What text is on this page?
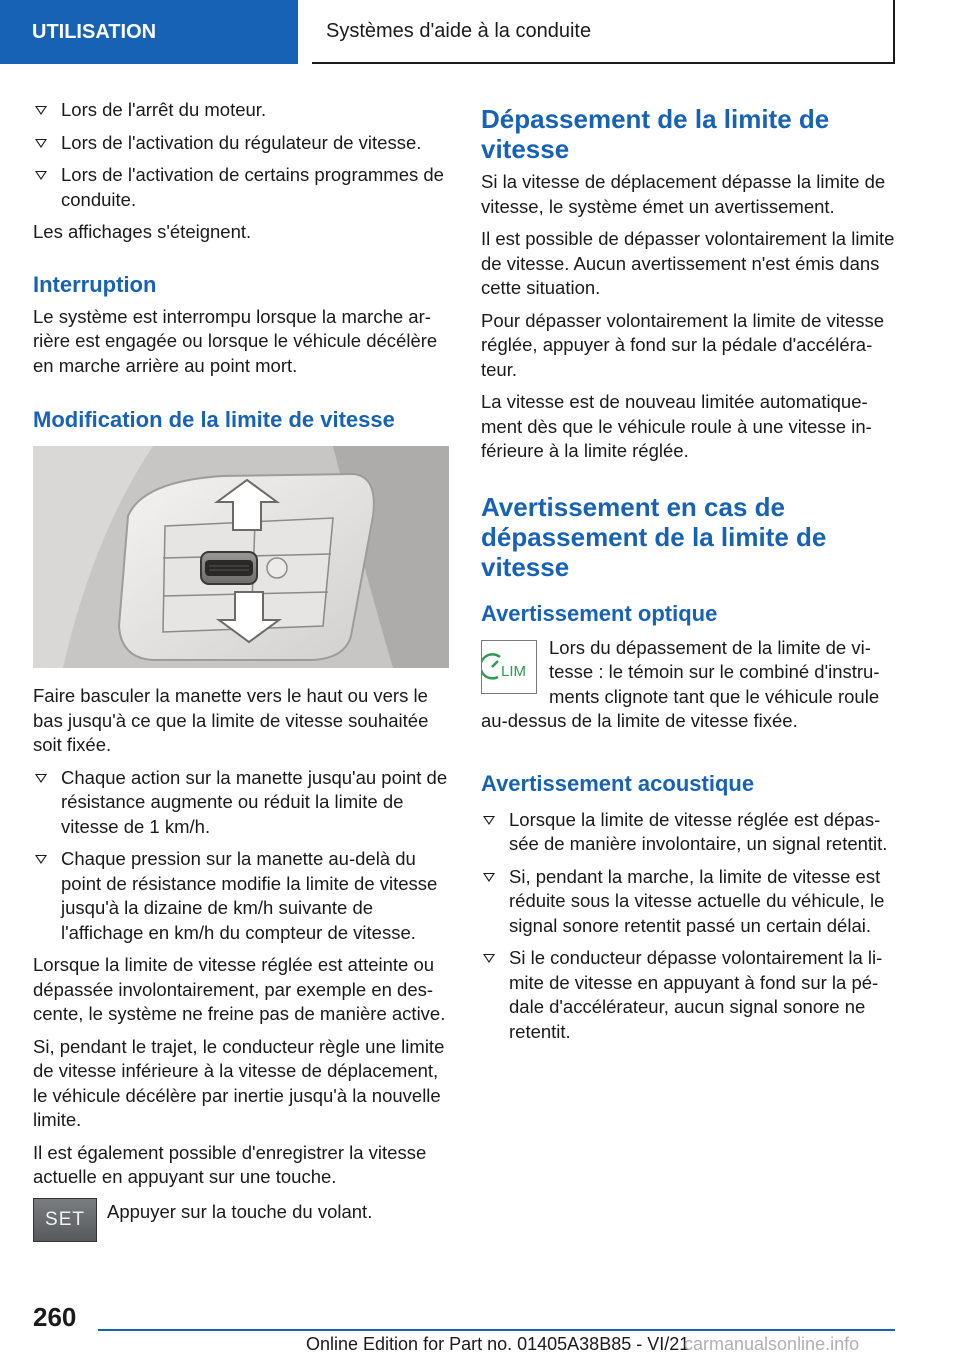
UTILISATION	Systèmes d'aide à la conduite
Lors de l'arrêt du moteur.
Lors de l'activation du régulateur de vitesse.
Lors de l'activation de certains programmes de conduite.

Les affichages s'éteignent.

Interruption

Le système est interrompu lorsque la marche arrière est engagée ou lorsque le véhicule décélère en marche arrière au point mort.

Modification de la limite de vitesse

Faire basculer la manette vers le haut ou vers le bas jusqu'à ce que la limite de vitesse souhaitée soit fixée.

Chaque action sur la manette jusqu'au point de résistance augmente ou réduit la limite de vitesse de 1 km/h.
Chaque pression sur la manette au-delà du point de résistance modifie la limite de vitesse jusqu'à la dizaine de km/h suivante de l'affichage en km/h du compteur de vitesse.

Lorsque la limite de vitesse réglée est atteinte ou dépassée involontairement, par exemple en descente, le système ne freine pas de manière active.

Si, pendant le trajet, le conducteur règle une limite de vitesse inférieure à la vitesse de déplacement, le véhicule décélère par inertie jusqu'à la nouvelle limite.

Il est également possible d'enregistrer la vitesse actuelle en appuyant sur une touche.

SET	Appuyer sur la touche du volant.

Dépassement de la limite de vitesse

Si la vitesse de déplacement dépasse la limite de vitesse, le système émet un avertissement.

Il est possible de dépasser volontairement la limite de vitesse. Aucun avertissement n'est émis dans cette situation.

Pour dépasser volontairement la limite de vitesse réglée, appuyer à fond sur la pédale d'accélérateur.

La vitesse est de nouveau limitée automatiquement dès que le véhicule roule à une vitesse inférieure à la limite réglée.

Avertissement en cas de dépassement de la limite de vitesse
Avertissement optique
LIM

Lors du dépassement de la limite de vitesse : le témoin sur le combiné d'instruments clignote tant que le véhicule roule au-dessus de la limite de vitesse fixée.

Avertissement acoustique
Lorsque la limite de vitesse réglée est dépassée de manière involontaire, un signal retentit.
Si, pendant la marche, la limite de vitesse est réduite sous la vitesse actuelle du véhicule, le signal sonore retentit passé un certain délai.
Si le conducteur dépasse volontairement la limite de vitesse en appuyant à fond sur la pédale d'accélérateur, aucun signal sonore ne retentit.
260
Online Edition for Part no. 01405A38B85 - VI/21
carmanualsonline.info
